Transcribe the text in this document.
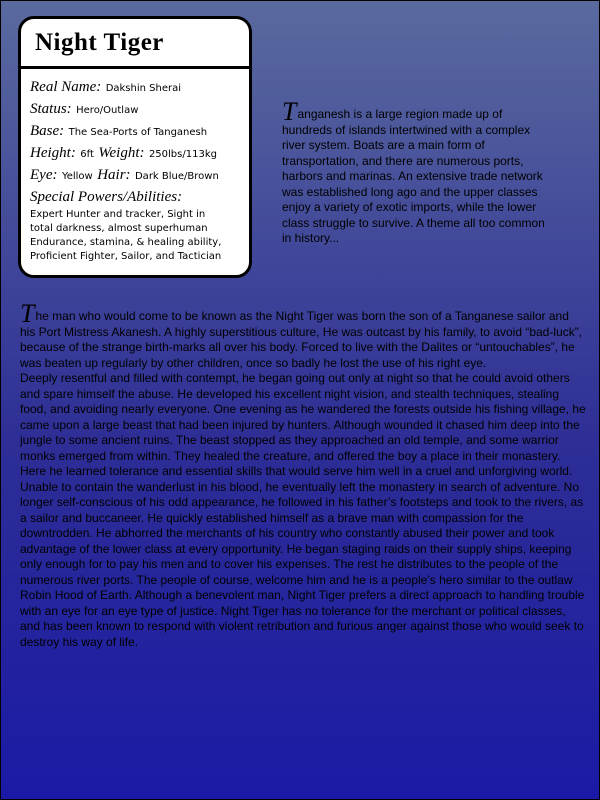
Night Tiger
Real Name: Dakshin Sherai
Status: Hero/Outlaw
Base: The Sea-Ports of Tanganesh
Height: 6ft Weight: 250lbs/113kg
Eye: Yellow Hair: Dark Blue/Brown
Special Powers/Abilities:
Expert Hunter and tracker, Sight in
total darkness, almost superhuman
Endurance, stamina, & healing ability,
Proficient Fighter, Sailor, and Tactician
Tanganesh is a large region made up of hundreds of islands intertwined with a complex river system. Boats are a main form of transportation, and there are numerous ports, harbors and marinas. An extensive trade network was established long ago and the upper classes enjoy a variety of exotic imports, while the lower class struggle to survive. A theme all too common in history...

The man who would come to be known as the Night Tiger was born the son of a Tanganese sailor and his Port Mistress Akanesh. A highly superstitious culture, He was outcast by his family, to avoid “bad-luck”, because of the strange birth-marks all over his body. Forced to live with the Dalites or “untouchables”, he was beaten up regularly by other children, once so badly he lost the use of his right eye.

Deeply resentful and filled with contempt, he began going out only at night so that he could avoid others and spare himself the abuse. He developed his excellent night vision, and stealth techniques, stealing food, and avoiding nearly everyone. One evening as he wandered the forests outside his fishing village, he came upon a large beast that had been injured by hunters. Although wounded it chased him deep into the jungle to some ancient ruins. The beast stopped as they approached an old temple, and some warrior monks emerged from within. They healed the creature, and offered the boy a place in their monastery. Here he learned tolerance and essential skills that would serve him well in a cruel and unforgiving world.

Unable to contain the wanderlust in his blood, he eventually left the monastery in search of adventure. No longer self-conscious of his odd appearance, he followed in his father’s footsteps and took to the rivers, as a sailor and buccaneer. He quickly established himself as a brave man with compassion for the downtrodden. He abhorred the merchants of his country who constantly abused their power and took advantage of the lower class at every opportunity. He began staging raids on their supply ships, keeping only enough for to pay his men and to cover his expenses. The rest he distributes to the people of the numerous river ports. The people of course, welcome him and he is a people’s hero similar to the outlaw Robin Hood of Earth. Although a benevolent man, Night Tiger prefers a direct approach to handling trouble with an eye for an eye type of justice. Night Tiger has no tolerance for the merchant or political classes, and has been known to respond with violent retribution and furious anger against those who would seek to destroy his way of life.
